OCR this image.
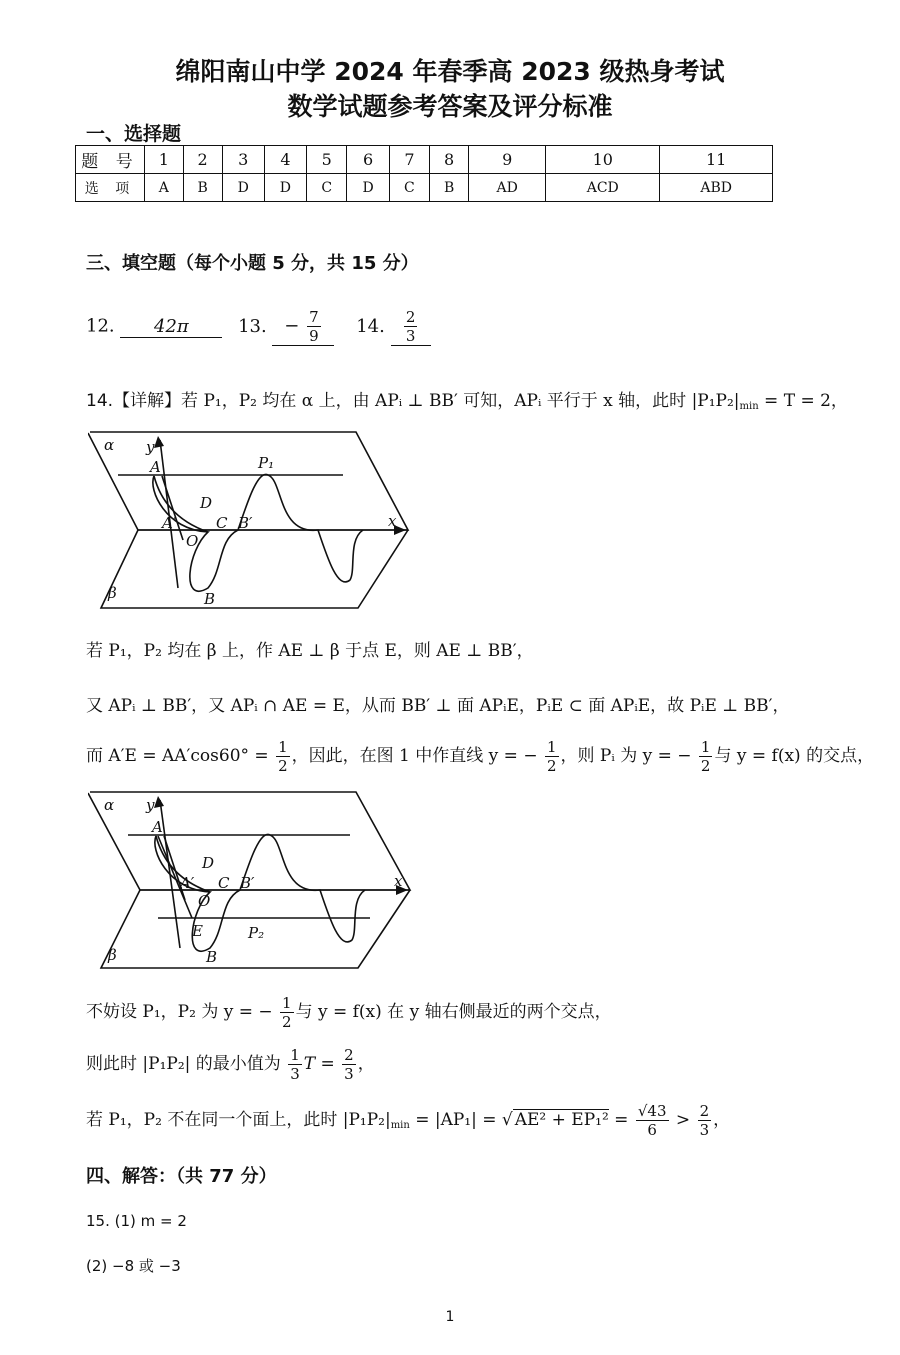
绵阳南山中学 2024 年春季高 2023 级热身考试
数学试题参考答案及评分标准
一、选择题
题 号	1	2	3	4	5	6	7	8	9	10	11
选 项	A	B	D	D	C	D	C	B	AD	ACD	ABD
三、填空题（每个小题 5 分，共 15 分）
12. 42π	13. − $\frac{7}{9} 14$. $\frac{2}{3}$
14.【详解】若 P₁，P₂ 均在 α 上，由 APᵢ ⊥ BB′ 可知，APᵢ 平行于 x 轴，此时 $|P_1P_2|_{min} = T = 2$，
α
β
y
x
A	P₁
D
A′	C B′
O
B
若 P₁，P₂ 均在 β 上，作 AE ⊥ β 于点 E，则 AE ⊥ BB′，
又 APᵢ ⊥ BB′，又 APᵢ ∩ AE = E，从而 BB′ ⊥ 面 APᵢE，PᵢE ⊂ 面 APᵢE，故 PᵢE ⊥ BB′，
而 $A'E = AA'\cos 60^\circ = \frac{1}{2}$ ，因此，在图 1 中作直线 y = − $\frac{1}{2}$ ，则 Pᵢ 为 y = − $\frac{1}{2}$ 与 y = f(x) 的交点，
α
β
y
x
A
D
A′ C B′
O
E	P₂
B
不妨设 P₁，P₂ 为 y = − $\frac{1}{2}$ 与 y = f(x) 在 y 轴右侧最近的两个交点，
则此时 |P₁P₂| 的最小值为 $\frac{1}{3}$ $T = \frac{2}{3}$ ，
若 P₁，P₂ 不在同一个面上，此时 $|P_1P_2|_{min} = |AP_1|$ = √ $AE^2 + EP_1^2 = \frac{√43}{6} > \frac{2}{3}$ ，
四、解答：（共 77 分）
15. (1) m = 2
(2) −8 或 −3
1
